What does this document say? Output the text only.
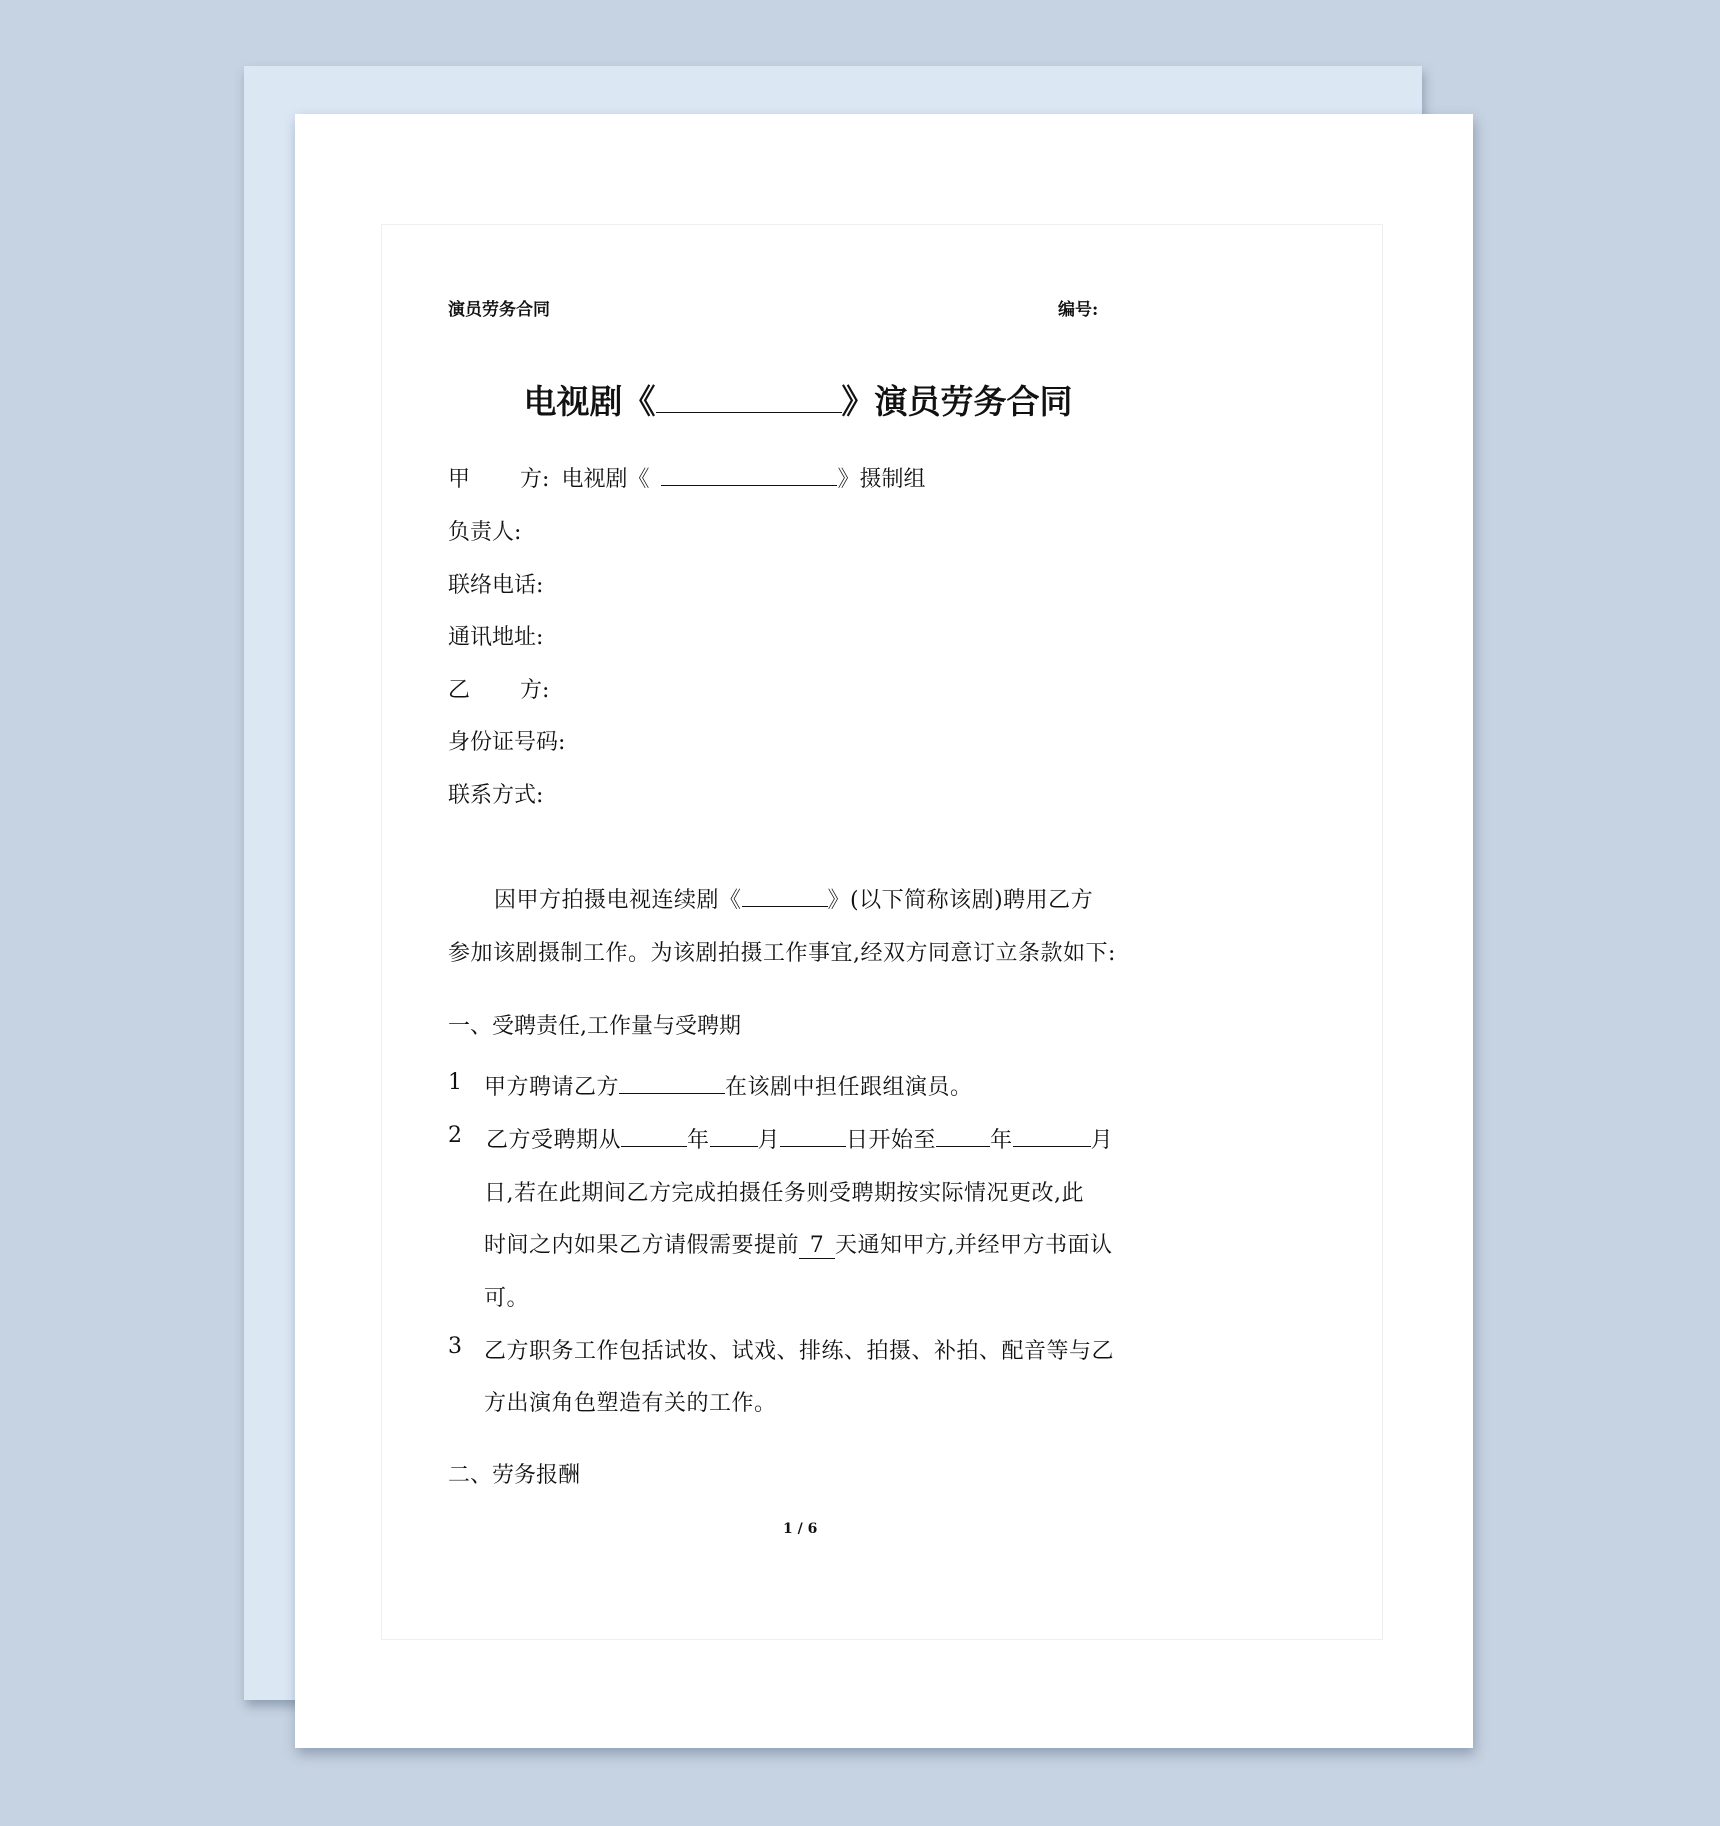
演员劳务合同	编号:
电视剧《	》演员劳务合同
甲 方: 电视剧《	》摄制组
负责人:
联络电话:
通讯地址:
乙 方:
身份证号码:
联系方式:
因甲方拍摄电视连续剧《	》(以下简称该剧)聘用乙方
参加该剧摄制工作。为该剧拍摄工作事宜,经双方同意订立条款如下:
一、受聘责任,工作量与受聘期
1 甲方聘请乙方	在该剧中担任跟组演员。
2 乙方受聘期从	年 月	日开始至 年	月
日,若在此期间乙方完成拍摄任务则受聘期按实际情况更改,此
时间之内如果乙方请假需要提前 7 天通知甲方,并经甲方书面认
可。
3 乙方职务工作包括试妆、试戏、排练、拍摄、补拍、配音等与乙
方出演角色塑造有关的工作。
二、劳务报酬
1 / 6
